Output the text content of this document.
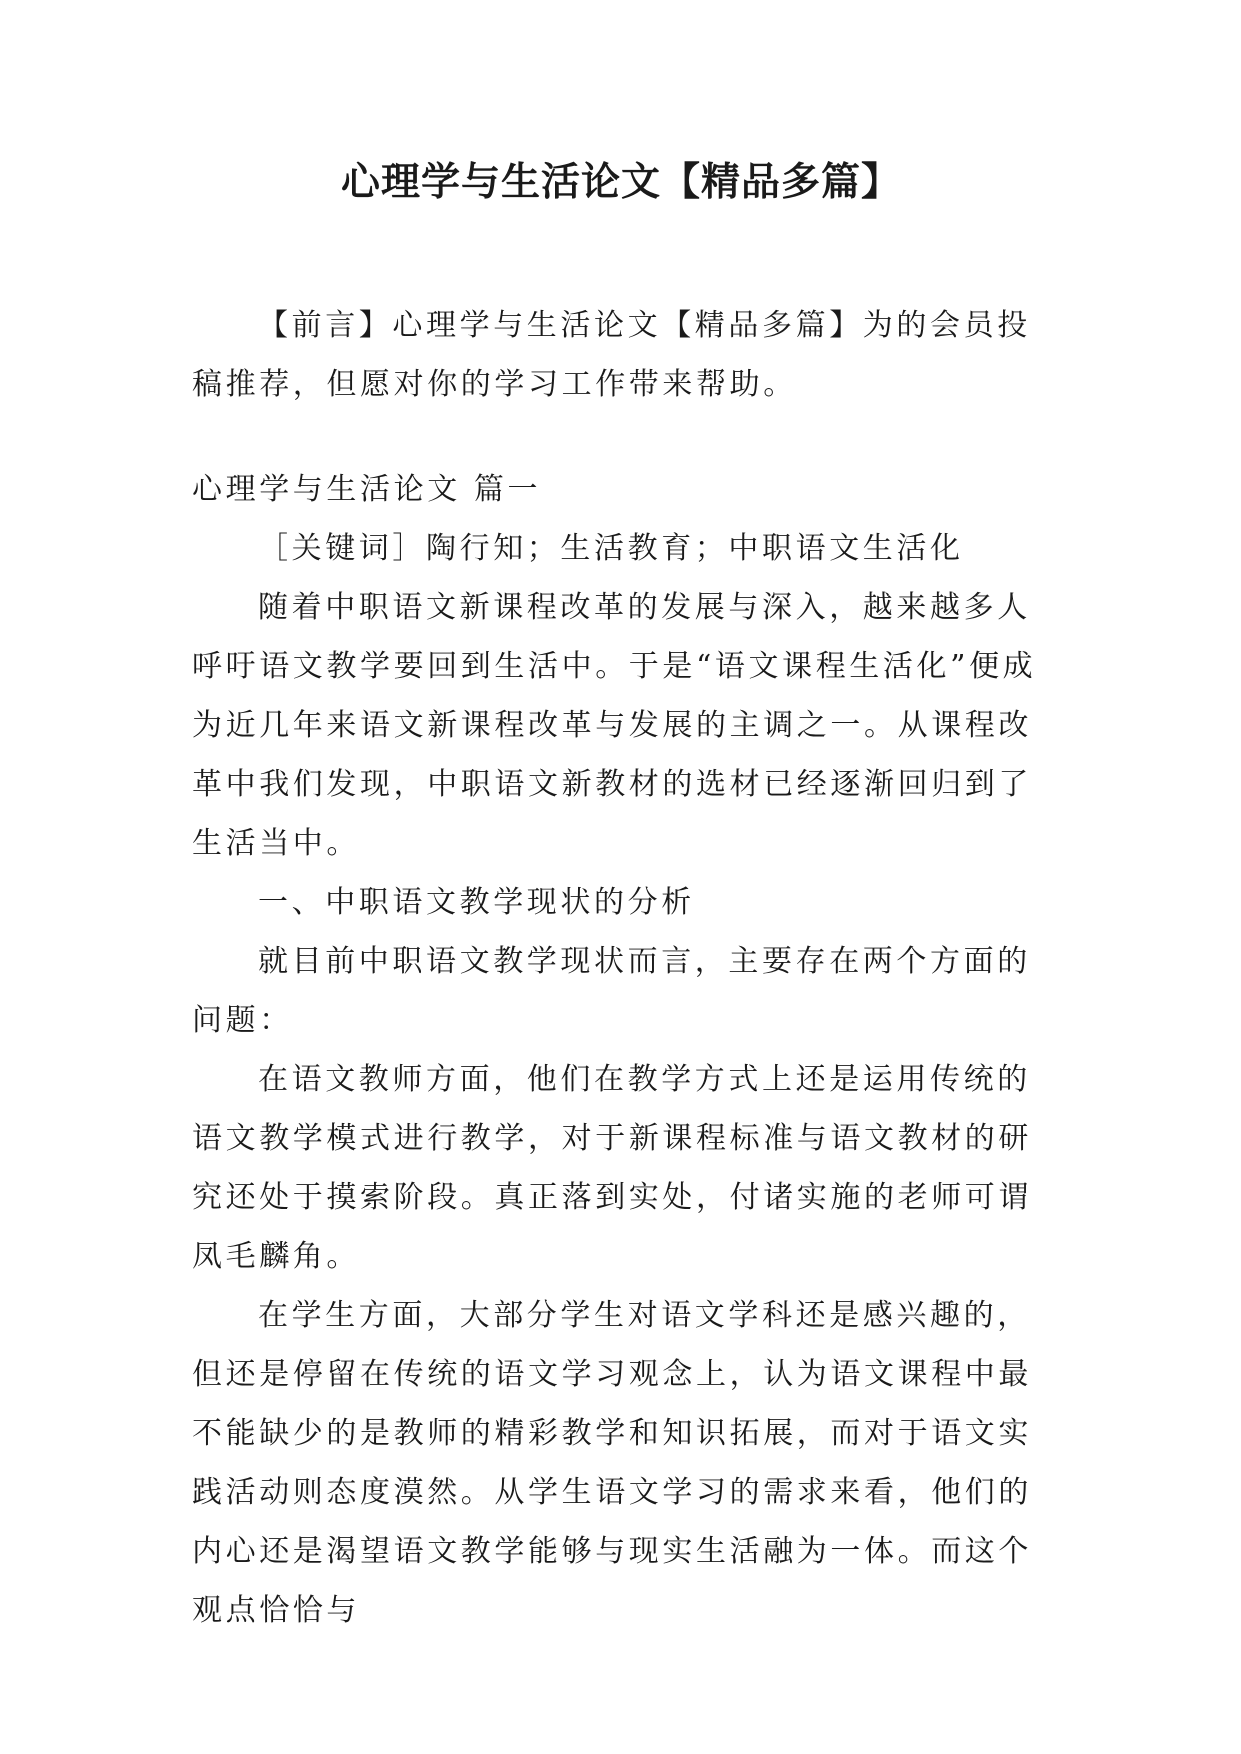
心理学与生活论文【精品多篇】

【前言】心理学与生活论文【精品多篇】为的会员投稿推荐，但愿对你的学习工作带来帮助。

心理学与生活论文 篇一

［关键词］陶行知；生活教育；中职语文生活化

随着中职语文新课程改革的发展与深入，越来越多人呼吁语文教学要回到生活中。于是“语文课程生活化”便成为近几年来语文新课程改革与发展的主调之一。从课程改革中我们发现，中职语文新教材的选材已经逐渐回归到了生活当中。

一、中职语文教学现状的分析

就目前中职语文教学现状而言，主要存在两个方面的问题：

在语文教师方面，他们在教学方式上还是运用传统的语文教学模式进行教学，对于新课程标准与语文教材的研究还处于摸索阶段。真正落到实处，付诸实施的老师可谓凤毛麟角。

在学生方面，大部分学生对语文学科还是感兴趣的，但还是停留在传统的语文学习观念上，认为语文课程中最不能缺少的是教师的精彩教学和知识拓展，而对于语文实践活动则态度漠然。从学生语文学习的需求来看，他们的内心还是渴望语文教学能够与现实生活融为一体。而这个观点恰恰与
